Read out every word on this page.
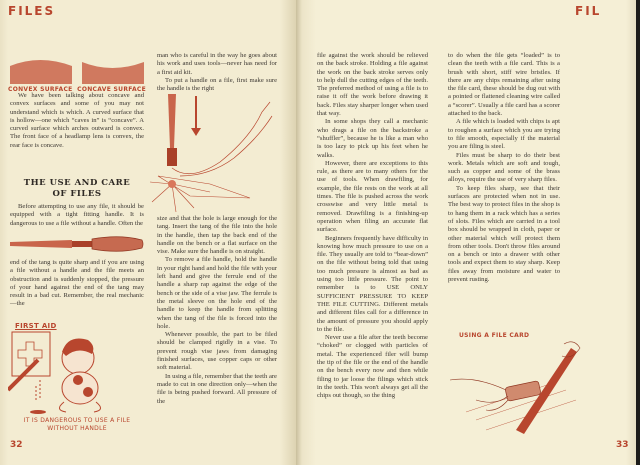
FILES
CONVEX SURFACE CONCAVE SURFACE

We have been talking about concave and convex surfaces and some of you may not understand which is which. A curved surface that is hollow—one which “caves in” is “concave”. A curved surface which arches outward is convex. The front face of a headlamp lens is convex, the rear face is concave.

THE USE AND CARE
OF FILES

Before attempting to use any file, it should be equipped with a tight fitting handle. It is dangerous to use a file without a handle. Often the

end of the tang is quite sharp and if you are using a file without a handle and the file meets an obstruction and is suddenly stopped, the pressure of your hand against the end of the tang may result in a bad cut. Remember, the real mechanic—the

FIRST AID
IT IS DANGEROUS TO USE A FILE
WITHOUT HANDLE

man who is careful in the way he goes about his work and uses tools—never has need for a first aid kit.

To put a handle on a file, first make sure the handle is the right

size and that the hole is large enough for the tang. Insert the tang of the file into the hole in the handle, then tap the back end of the handle on the bench or a flat surface on the vise. Make sure the handle is on straight.

To remove a file handle, hold the handle in your right hand and hold the file with your left hand and give the ferrule end of the handle a sharp rap against the edge of the bench or the side of a vise jaw. The ferrule is the metal sleeve on the hole end of the handle to keep the handle from splitting when the tang of the file is forced into the hole.

Whenever possible, the part to be filed should be clamped rigidly in a vise. To prevent rough vise jaws from damaging finished surfaces, use copper caps or other soft material.

In using a file, remember that the teeth are made to cut in one direction only—when the file is being pushed forward. All pressure of the

32
FIL

file against the work should be relieved on the back stroke. Holding a file against the work on the back stroke serves only to help dull the cutting edges of the teeth. The preferred method of using a file is to raise it off the work before drawing it back. Files stay sharper longer when used that way.

In some shops they call a mechanic who drags a file on the backstroke a “shuffler”, because he is like a man who is too lazy to pick up his feet when he walks.

However, there are exceptions to this rule, as there are to many others for the use of tools. When drawfiling, for example, the file rests on the work at all times. The file is pushed across the work crosswise and very little metal is removed. Drawfiling is a finishing-up operation when filing an accurate flat surface.

Beginners frequently have difficulty in knowing how much pressure to use on a file. They usually are told to “bear-down” on the file without being told that using too much pressure is almost as bad as using too little pressure. The point to remember is to USE ONLY SUFFICIENT PRESSURE TO KEEP THE FILE CUTTING. Different metals and different files call for a difference in the amount of pressure you should apply to the file.

Never use a file after the teeth become “choked” or clogged with particles of metal. The experienced filer will bump the tip of the file or the end of the handle on the bench every now and then while filing to jar loose the filings which stick in the teeth. This won't always get all the chips out though, so the thing

to do when the file gets “loaded” is to clean the teeth with a file card. This is a brush with short, stiff wire bristles. If there are any chips remaining after using the file card, these should be dug out with a pointed or flattened cleaning wire called a “scorer”. Usually a file card has a scorer attached to the back.

A file which is loaded with chips is apt to roughen a surface which you are trying to file smooth, especially if the material you are filing is steel.

Files must be sharp to do their best work. Metals which are soft and tough, such as copper and some of the brass alloys, require the use of very sharp files.

To keep files sharp, see that their surfaces are protected when not in use. The best way to protect files in the shop is to hang them in a rack which has a series of slots. Files which are carried in a tool box should be wrapped in cloth, paper or other material which will protect them from other tools. Don't throw files around on a bench or into a drawer with other tools and expect them to stay sharp. Keep files away from moisture and water to prevent rusting.

USING A FILE CARD
33
